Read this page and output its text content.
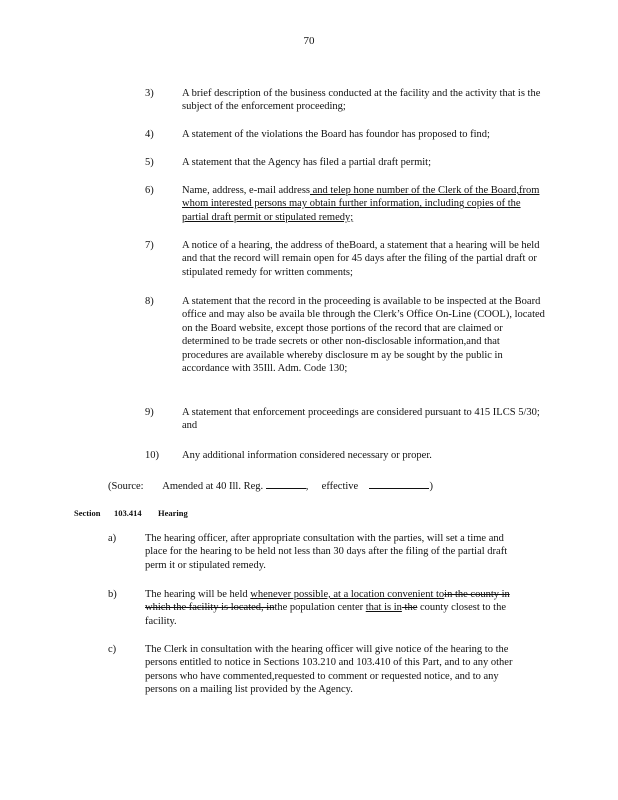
70
3)	A brief description of the business conducted at the facility and the activity that is the subject of the enforcement proceeding;
4)	A statement of the violations the Board has foundor has proposed to find;
5)	A statement that the Agency has filed a partial draft permit;
6)	Name, address, e-mail address and telep hone number of the Clerk of the Board,from whom interested persons may obtain further information, including copies of the partial draft permit or stipulated remedy;
7)	A notice of a hearing, the address of theBoard, a statement that a hearing will be held and that the record will remain open for 45 days after the filing of the partial draft or stipulated remedy for written comments;
8)	A statement that the record in the proceeding is available to be inspected at the Board office and may also be availa ble through the Clerk’s Office On-Line (COOL), located on the Board website, except those portions of the record that are claimed or determined to be trade secrets or other non-disclosable information,and that procedures are available whereby disclosure m ay be sought by the public in accordance with 35Ill. Adm. Code 130;
9)	A statement that enforcement proceedings are considered pursuant to 415 ILCS 5/30; and
10)	Any additional information considered necessary or proper.
(Source: Amended at 40 Ill. Reg.	, effective	)
Section 103.414 Hearing
a)	The hearing officer, after appropriate consultation with the parties, will set a time and place for the hearing to be held not less than 30 days after the filing of the partial draft perm it or stipulated remedy.
b)	The hearing will be held whenever possible, at a location convenient toin the county in which the facility is located, inthe population center that is in the county closest to the facility.
c)	The Clerk in consultation with the hearing officer will give notice of the hearing to the persons entitled to notice in Sections 103.210 and 103.410 of this Part, and to any other persons who have commented,requested to comment or requested notice, and to any persons on a mailing list provided by the Agency.
